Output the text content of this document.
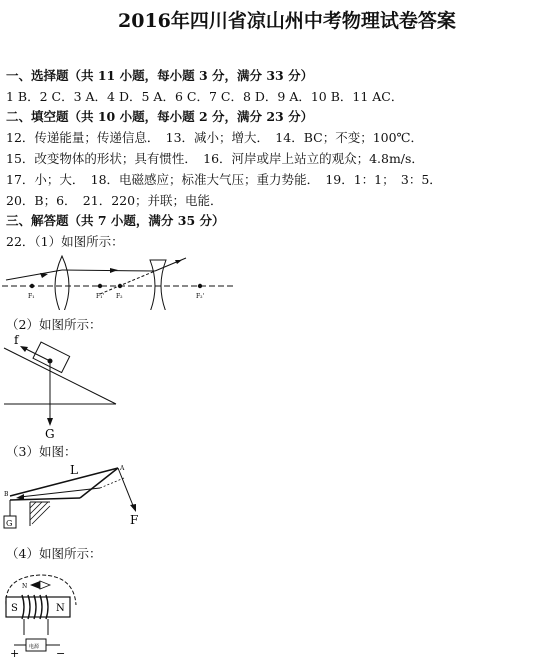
2016年四川省凉山州中考物理试卷答案
一、选择题（共 11 小题，每小题 3 分，满分 33 分）
1 B．2 C．3 A．4 D．5 A．6 C．7 C．8 D．9 A．10 B．11 AC．
二、填空题（共 10 小题，每小题 2 分，满分 23 分）
12．传递能量；传递信息．　13．减小；增大．　14．BC；不变；100℃．
15．改变物体的形状；具有惯性．　16．河岸或岸上站立的观众；4.8m/s．
17．小；大．　18．电磁感应；标准大气压；重力势能．　19．1：1；　3：5．
20．B；6．　21．220；并联；电能．
三、解答题（共 7 小题，满分 35 分）
22．（1）如图所示：
F₁	F₁' F₂	F₂'
（2）如图所示：
f
G
（3）如图：
L	A
B
F
G
（4）如图所示：
S	N
N
+	−
电源
